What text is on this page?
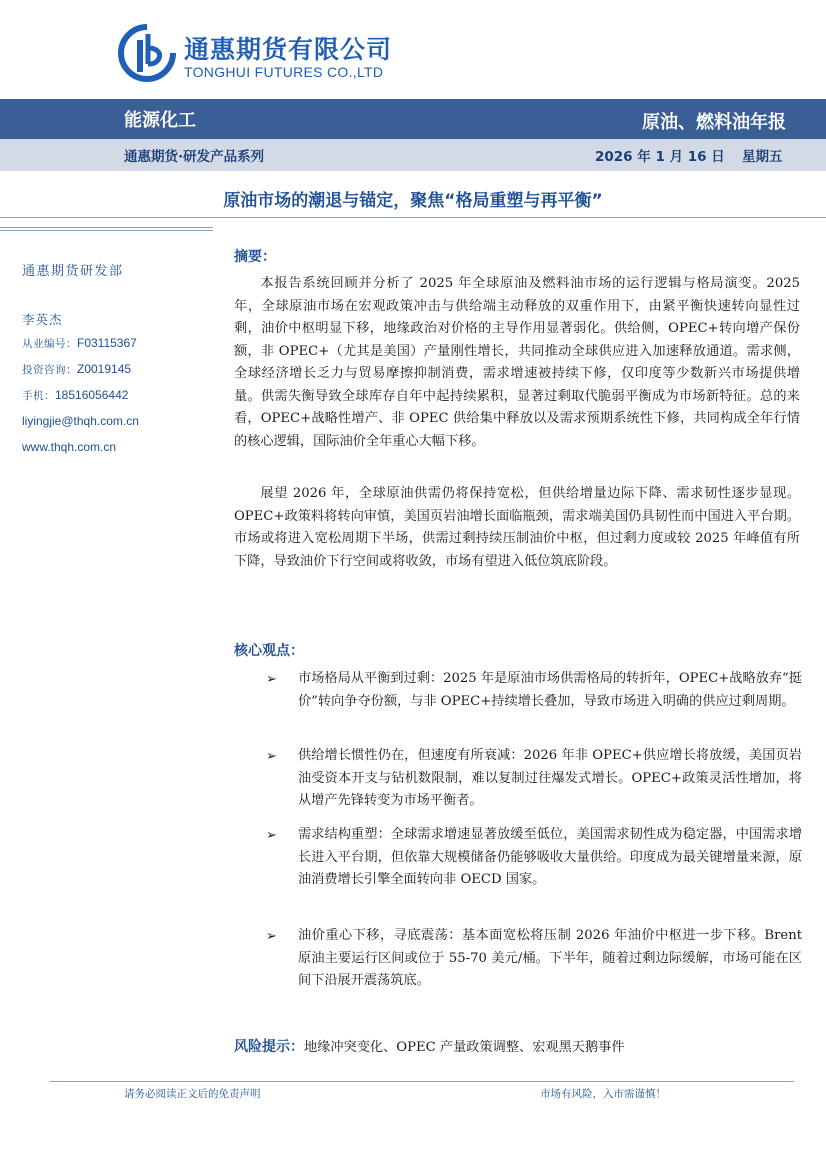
通惠期货有限公司
TONGHUI FUTURES CO.,LTD
能源化工	原油、燃料油年报
通惠期货·研发产品系列	2026 年 1 月 16 日 星期五
原油市场的潮退与锚定，聚焦“格局重塑与再平衡”
通惠期货研发部
李英杰
从业编号：F03115367
投资咨询：Z0019145
手机：18516056442
liyingjie@thqh.com.cn
www.thqh.com.cn
摘要：
本报告系统回顾并分析了 2025 年全球原油及燃料油市场的运行逻辑与格局演变。2025 年，全球原油市场在宏观政策冲击与供给端主动释放的双重作用下，由紧平衡快速转向显性过剩，油价中枢明显下移，地缘政治对价格的主导作用显著弱化。供给侧，OPEC+转向增产保份额，非 OPEC+（尤其是美国）产量刚性增长，共同推动全球供应进入加速释放通道。需求侧，全球经济增长乏力与贸易摩擦抑制消费，需求增速被持续下修，仅印度等少数新兴市场提供增量。供需失衡导致全球库存自年中起持续累积，显著过剩取代脆弱平衡成为市场新特征。总的来看，OPEC+战略性增产、非 OPEC 供给集中释放以及需求预期系统性下修，共同构成全年行情的核心逻辑，国际油价全年重心大幅下移。
展望 2026 年，全球原油供需仍将保持宽松，但供给增量边际下降、需求韧性逐步显现。OPEC+政策料将转向审慎，美国页岩油增长面临瓶颈，需求端美国仍具韧性而中国进入平台期。市场或将进入宽松周期下半场，供需过剩持续压制油价中枢，但过剩力度或较 2025 年峰值有所下降，导致油价下行空间或将收敛，市场有望进入低位筑底阶段。
核心观点：
➢ 市场格局从平衡到过剩：2025 年是原油市场供需格局的转折年，OPEC+战略放弃“挺价”转向争夺份额，与非 OPEC+持续增长叠加，导致市场进入明确的供应过剩周期。
➢ 供给增长惯性仍在，但速度有所衰减：2026 年非 OPEC+供应增长将放缓，美国页岩油受资本开支与钻机数限制，难以复制过往爆发式增长。OPEC+政策灵活性增加，将从增产先锋转变为市场平衡者。
➢ 需求结构重塑：全球需求增速显著放缓至低位，美国需求韧性成为稳定器，中国需求增长进入平台期，但依靠大规模储备仍能够吸收大量供给。印度成为最关键增量来源，原油消费增长引擎全面转向非 OECD 国家。
➢ 油价重心下移，寻底震荡：基本面宽松将压制 2026 年油价中枢进一步下移。Brent 原油主要运行区间或位于 55-70 美元/桶。下半年，随着过剩边际缓解，市场可能在区间下沿展开震荡筑底。
风险提示：地缘冲突变化、OPEC 产量政策调整、宏观黑天鹅事件
请务必阅读正文后的免责声明	市场有风险，入市需谨慎！
